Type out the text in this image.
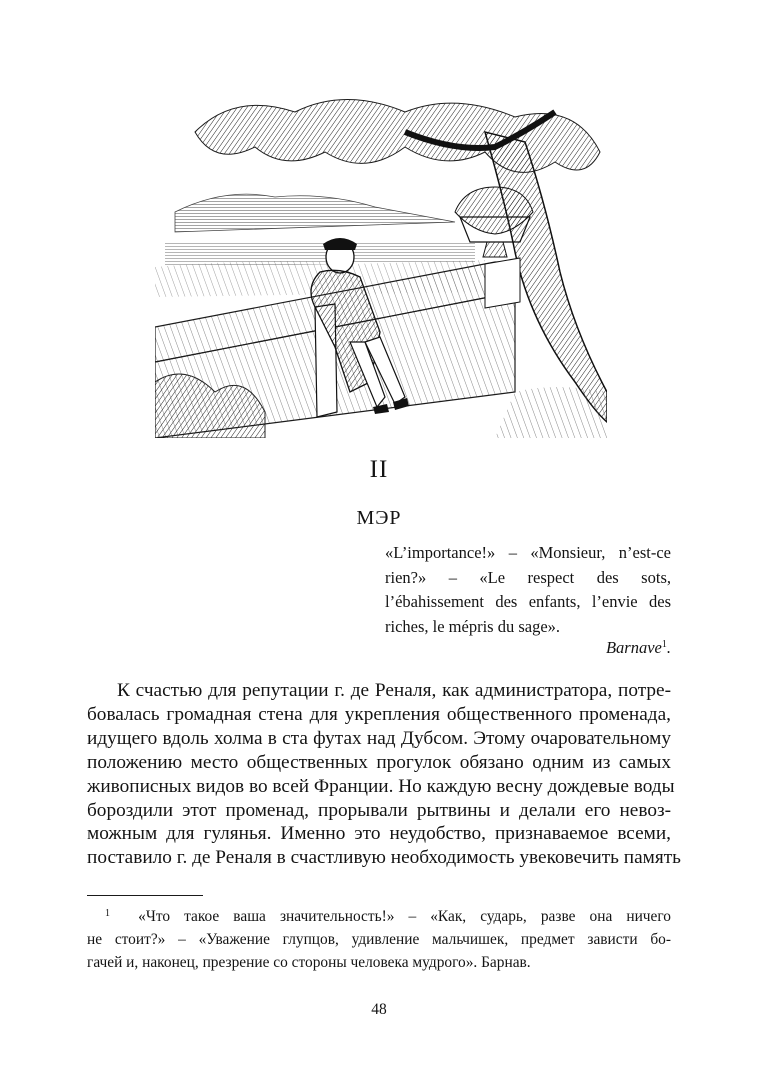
II
МЭР
«L’importance!» – «Monsieur, n’est-ce rien?» – «Le respect des sots, l’ébahissement des enfants, l’envie des riches, le mépris du sage».
Barnave$^1$.
К счастью для репутации г. де Реналя, как администратора, потре-
бовалась громадная стена для укрепления общественного променада,
идущего вдоль холма в ста футах над Дубсом. Этому очаровательному
положению место общественных прогулок обязано одним из самых
живописных видов во всей Франции. Но каждую весну дождевые воды
бороздили этот променад, прорывали рытвины и делали его невоз-
можным для гулянья. Именно это неудобство, признаваемое всеми,
поставило г. де Реналя в счастливую необходимость увековечить память
$^1$ «Что такое ваша значительность!» – «Как, сударь, разве она ничего
не стоит?» – «Уважение глупцов, удивление мальчишек, предмет зависти бо-
гачей и, наконец, презрение со стороны человека мудрого». Барнав.
48
